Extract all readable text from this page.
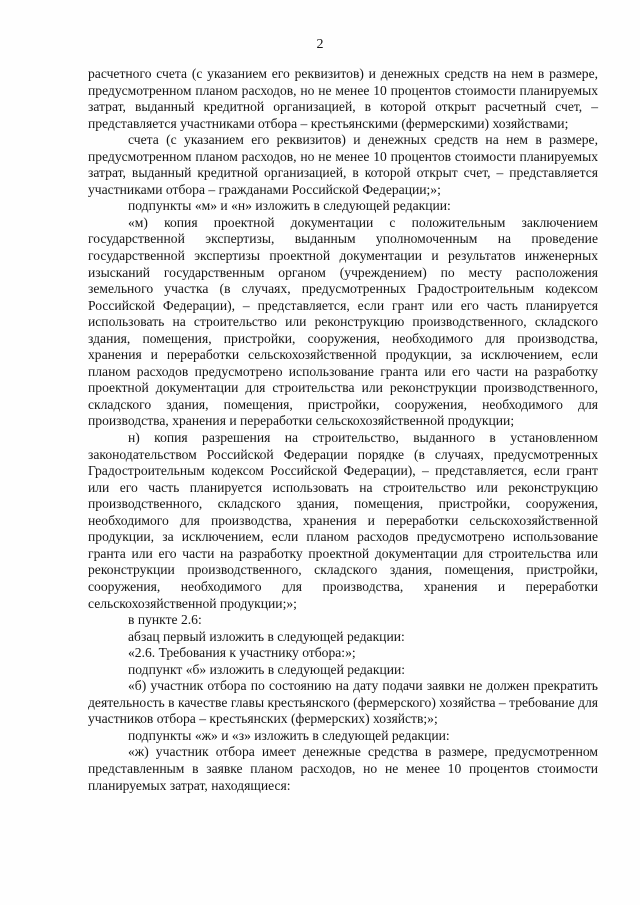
2

расчетного счета (с указанием его реквизитов) и денежных средств на нем в размере, предусмотренном планом расходов, но не менее 10 процентов стоимости планируемых затрат, выданный кредитной организацией, в которой открыт расчетный счет, – представляется участниками отбора – крестьянскими (фермерскими) хозяйствами;

счета (с указанием его реквизитов) и денежных средств на нем в размере, предусмотренном планом расходов, но не менее 10 процентов стоимости планируемых затрат, выданный кредитной организацией, в которой открыт счет, – представляется участниками отбора – гражданами Российской Федерации;»;

подпункты «м» и «н» изложить в следующей редакции:

«м) копия проектной документации с положительным заключением государственной экспертизы, выданным уполномоченным на проведение государственной экспертизы проектной документации и результатов инженерных изысканий государственным органом (учреждением) по месту расположения земельного участка (в случаях, предусмотренных Градостроительным кодексом Российской Федерации), – представляется, если грант или его часть планируется использовать на строительство или реконструкцию производственного, складского здания, помещения, пристройки, сооружения, необходимого для производства, хранения и переработки сельскохозяйственной продукции, за исключением, если планом расходов предусмотрено использование гранта или его части на разработку проектной документации для строительства или реконструкции производственного, складского здания, помещения, пристройки, сооружения, необходимого для производства, хранения и переработки сельскохозяйственной продукции;

н) копия разрешения на строительство, выданного в установленном законодательством Российской Федерации порядке (в случаях, предусмотренных Градостроительным кодексом Российской Федерации), – представляется, если грант или его часть планируется использовать на строительство или реконструкцию производственного, складского здания, помещения, пристройки, сооружения, необходимого для производства, хранения и переработки сельскохозяйственной продукции, за исключением, если планом расходов предусмотрено использование гранта или его части на разработку проектной документации для строительства или реконструкции производственного, складского здания, помещения, пристройки, сооружения, необходимого для производства, хранения и переработки сельскохозяйственной продукции;»;

в пункте 2.6:

абзац первый изложить в следующей редакции:

«2.6. Требования к участнику отбора:»;

подпункт «б» изложить в следующей редакции:

«б) участник отбора по состоянию на дату подачи заявки не должен прекратить деятельность в качестве главы крестьянского (фермерского) хозяйства – требование для участников отбора – крестьянских (фермерских) хозяйств;»;

подпункты «ж» и «з» изложить в следующей редакции:

«ж) участник отбора имеет денежные средства в размере, предусмотренном представленным в заявке планом расходов, но не менее 10 процентов стоимости планируемых затрат, находящиеся:
